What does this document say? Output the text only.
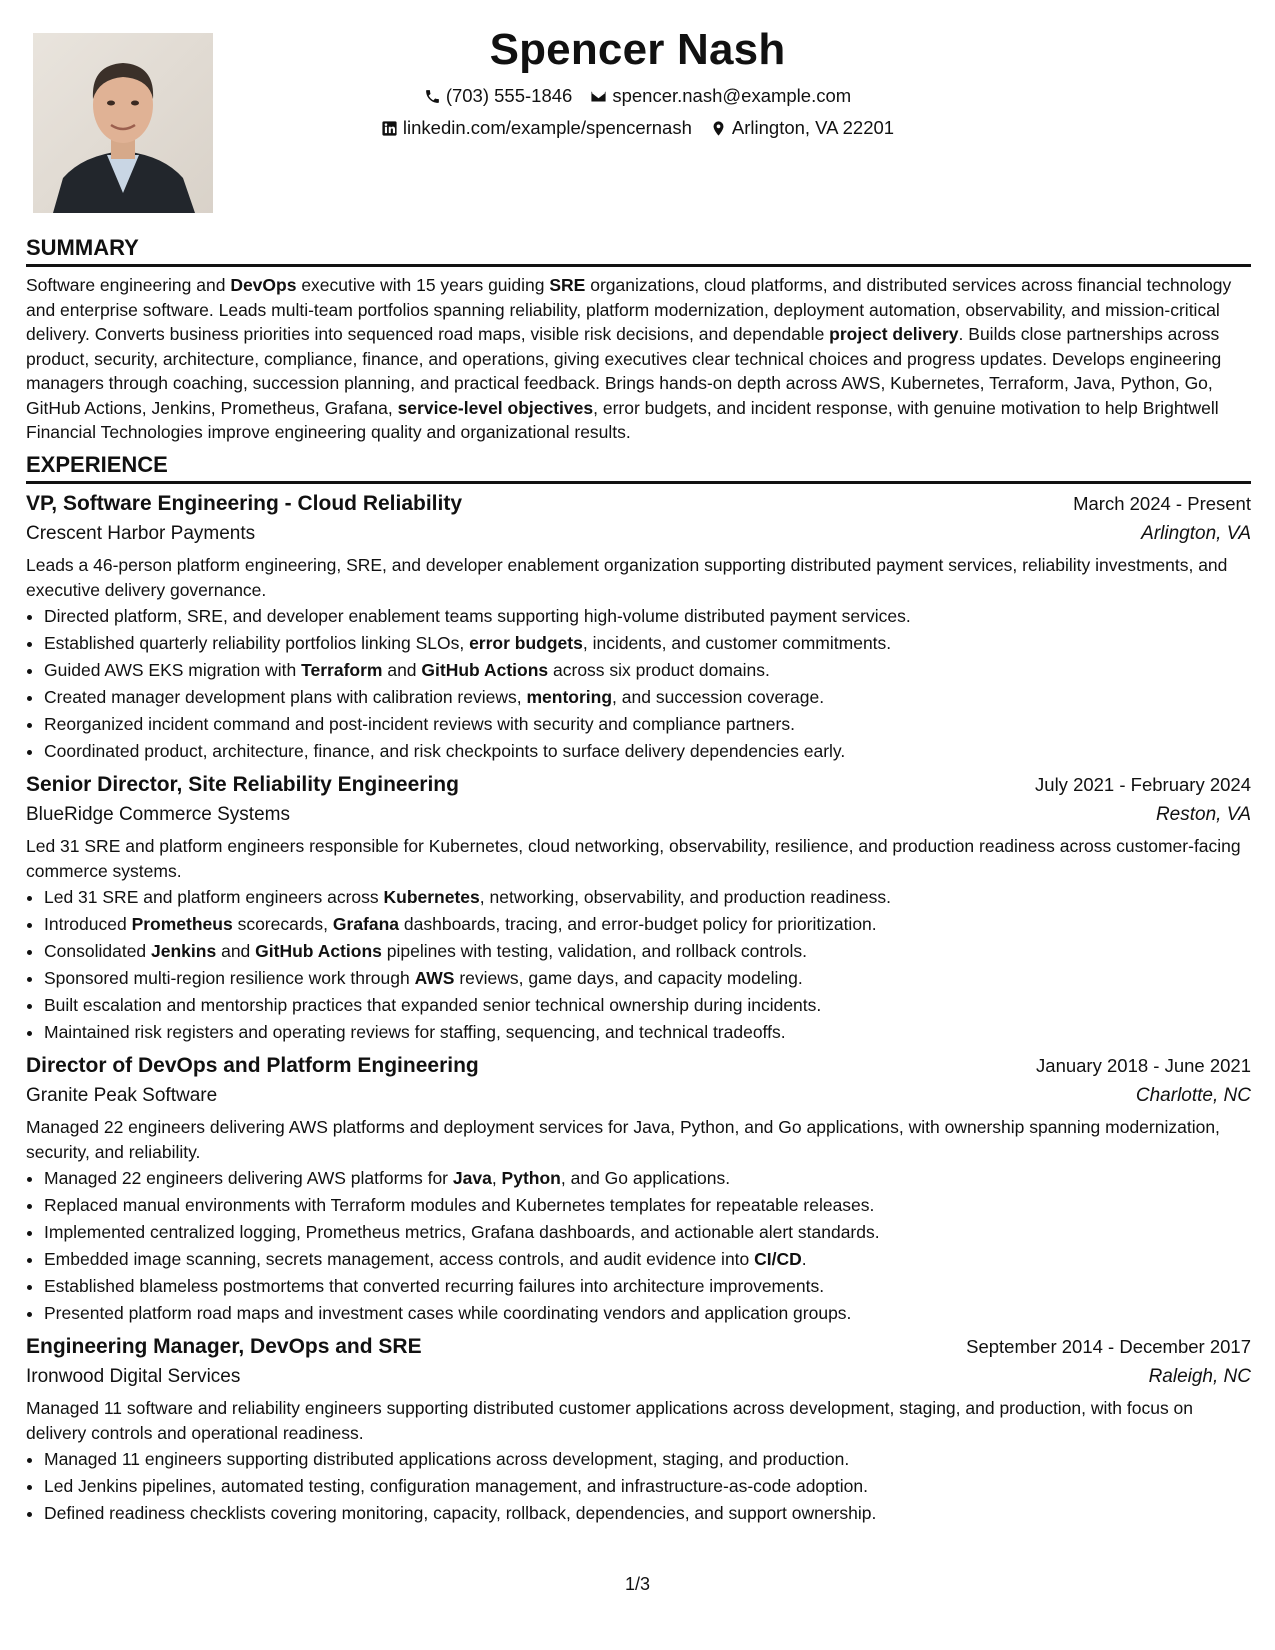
Spencer Nash
(703) 555-1846 spencer.nash@example.com
linkedin.com/example/spencernash Arlington, VA 22201
SUMMARY

Software engineering and DevOps executive with 15 years guiding SRE organizations, cloud platforms, and distributed services across financial technology and enterprise software. Leads multi-team portfolios spanning reliability, platform modernization, deployment automation, observability, and mission-critical delivery. Converts business priorities into sequenced road maps, visible risk decisions, and dependable project delivery. Builds close partnerships across product, security, architecture, compliance, finance, and operations, giving executives clear technical choices and progress updates. Develops engineering managers through coaching, succession planning, and practical feedback. Brings hands-on depth across AWS, Kubernetes, Terraform, Java, Python, Go, GitHub Actions, Jenkins, Prometheus, Grafana, service-level objectives, error budgets, and incident response, with genuine motivation to help Brightwell Financial Technologies improve engineering quality and organizational results.

EXPERIENCE
VP, Software Engineering - Cloud Reliability	March 2024 - Present
Crescent Harbor Payments	Arlington, VA
Leads a 46-person platform engineering, SRE, and developer enablement organization supporting distributed payment services, reliability investments, and executive delivery governance.
• Directed platform, SRE, and developer enablement teams supporting high-volume distributed payment services.
• Established quarterly reliability portfolios linking SLOs, error budgets, incidents, and customer commitments.
• Guided AWS EKS migration with Terraform and GitHub Actions across six product domains.
• Created manager development plans with calibration reviews, mentoring, and succession coverage.
• Reorganized incident command and post-incident reviews with security and compliance partners.
• Coordinated product, architecture, finance, and risk checkpoints to surface delivery dependencies early.
Senior Director, Site Reliability Engineering	July 2021 - February 2024
BlueRidge Commerce Systems	Reston, VA
Led 31 SRE and platform engineers responsible for Kubernetes, cloud networking, observability, resilience, and production readiness across customer-facing commerce systems.
• Led 31 SRE and platform engineers across Kubernetes, networking, observability, and production readiness.
• Introduced Prometheus scorecards, Grafana dashboards, tracing, and error-budget policy for prioritization.
• Consolidated Jenkins and GitHub Actions pipelines with testing, validation, and rollback controls.
• Sponsored multi-region resilience work through AWS reviews, game days, and capacity modeling.
• Built escalation and mentorship practices that expanded senior technical ownership during incidents.
• Maintained risk registers and operating reviews for staffing, sequencing, and technical tradeoffs.
Director of DevOps and Platform Engineering	January 2018 - June 2021
Granite Peak Software	Charlotte, NC
Managed 22 engineers delivering AWS platforms and deployment services for Java, Python, and Go applications, with ownership spanning modernization, security, and reliability.
• Managed 22 engineers delivering AWS platforms for Java, Python, and Go applications.
• Replaced manual environments with Terraform modules and Kubernetes templates for repeatable releases.
• Implemented centralized logging, Prometheus metrics, Grafana dashboards, and actionable alert standards.
• Embedded image scanning, secrets management, access controls, and audit evidence into CI/CD.
• Established blameless postmortems that converted recurring failures into architecture improvements.
• Presented platform road maps and investment cases while coordinating vendors and application groups.
Engineering Manager, DevOps and SRE	September 2014 - December 2017
Ironwood Digital Services	Raleigh, NC
Managed 11 software and reliability engineers supporting distributed customer applications across development, staging, and production, with focus on delivery controls and operational readiness.
• Managed 11 engineers supporting distributed applications across development, staging, and production.
• Led Jenkins pipelines, automated testing, configuration management, and infrastructure-as-code adoption.
• Defined readiness checklists covering monitoring, capacity, rollback, dependencies, and support ownership.
1/3
